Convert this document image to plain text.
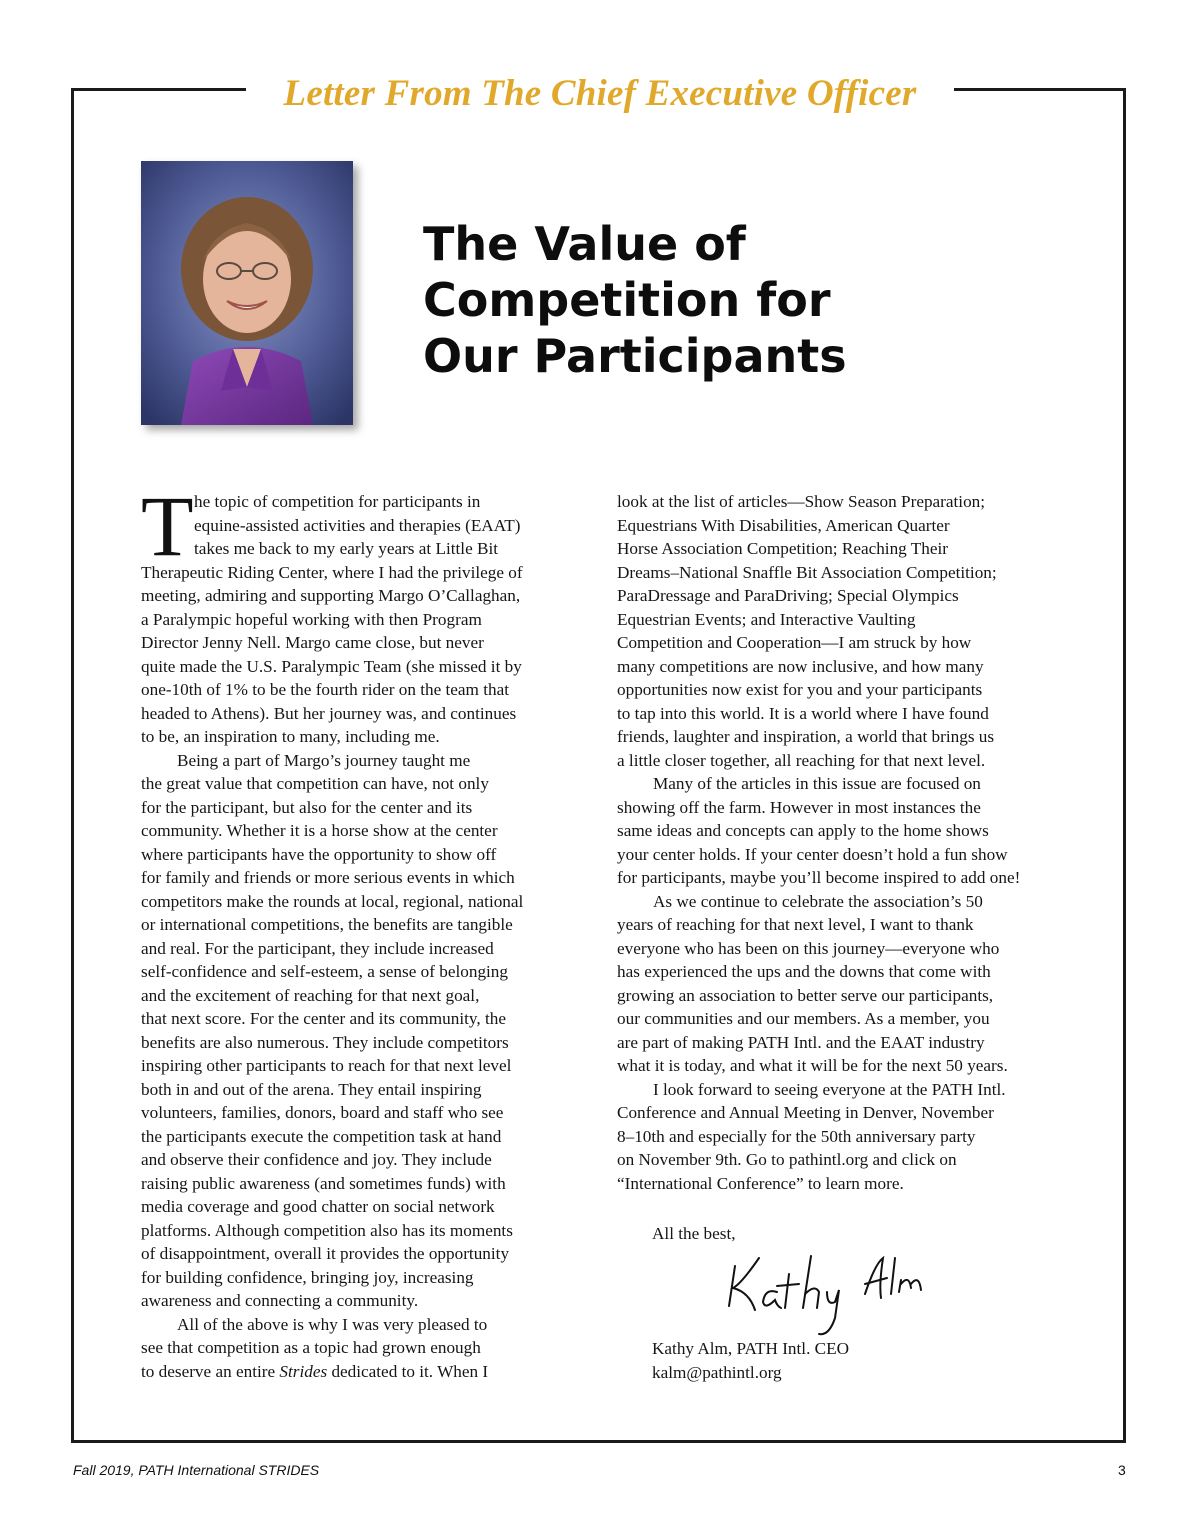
Letter From The Chief Executive Officer
The Value of
Competition for
Our Participants
T he topic of competition for participants in
equine-assisted activities and therapies (EAAT)
takes me back to my early years at Little Bit
Therapeutic Riding Center, where I had the privilege of
meeting, admiring and supporting Margo O’Callaghan,
a Paralympic hopeful working with then Program
Director Jenny Nell. Margo came close, but never
quite made the U.S. Paralympic Team (she missed it by
one-10th of 1% to be the fourth rider on the team that
headed to Athens). But her journey was, and continues
to be, an inspiration to many, including me.
Being a part of Margo’s journey taught me
the great value that competition can have, not only
for the participant, but also for the center and its
community. Whether it is a horse show at the center
where participants have the opportunity to show off
for family and friends or more serious events in which
competitors make the rounds at local, regional, national
or international competitions, the benefits are tangible
and real. For the participant, they include increased
self-confidence and self-esteem, a sense of belonging
and the excitement of reaching for that next goal,
that next score. For the center and its community, the
benefits are also numerous. They include competitors
inspiring other participants to reach for that next level
both in and out of the arena. They entail inspiring
volunteers, families, donors, board and staff who see
the participants execute the competition task at hand
and observe their confidence and joy. They include
raising public awareness (and sometimes funds) with
media coverage and good chatter on social network
platforms. Although competition also has its moments
of disappointment, overall it provides the opportunity
for building confidence, bringing joy, increasing
awareness and connecting a community.
All of the above is why I was very pleased to
see that competition as a topic had grown enough
to deserve an entire Strides dedicated to it. When I
look at the list of articles—Show Season Preparation;
Equestrians With Disabilities, American Quarter
Horse Association Competition; Reaching Their
Dreams–National Snaffle Bit Association Competition;
ParaDressage and ParaDriving; Special Olympics
Equestrian Events; and Interactive Vaulting
Competition and Cooperation—I am struck by how
many competitions are now inclusive, and how many
opportunities now exist for you and your participants
to tap into this world. It is a world where I have found
friends, laughter and inspiration, a world that brings us
a little closer together, all reaching for that next level.
Many of the articles in this issue are focused on
showing off the farm. However in most instances the
same ideas and concepts can apply to the home shows
your center holds. If your center doesn’t hold a fun show
for participants, maybe you’ll become inspired to add one!
As we continue to celebrate the association’s 50
years of reaching for that next level, I want to thank
everyone who has been on this journey—everyone who
has experienced the ups and the downs that come with
growing an association to better serve our participants,
our communities and our members. As a member, you
are part of making PATH Intl. and the EAAT industry
what it is today, and what it will be for the next 50 years.
I look forward to seeing everyone at the PATH Intl.
Conference and Annual Meeting in Denver, November
8–10th and especially for the 50th anniversary party
on November 9th. Go to pathintl.org and click on
“International Conference” to learn more.
All the best,
Kathy Alm, PATH Intl. CEO
kalm@pathintl.org
Fall 2019, PATH International STRIDES	3
